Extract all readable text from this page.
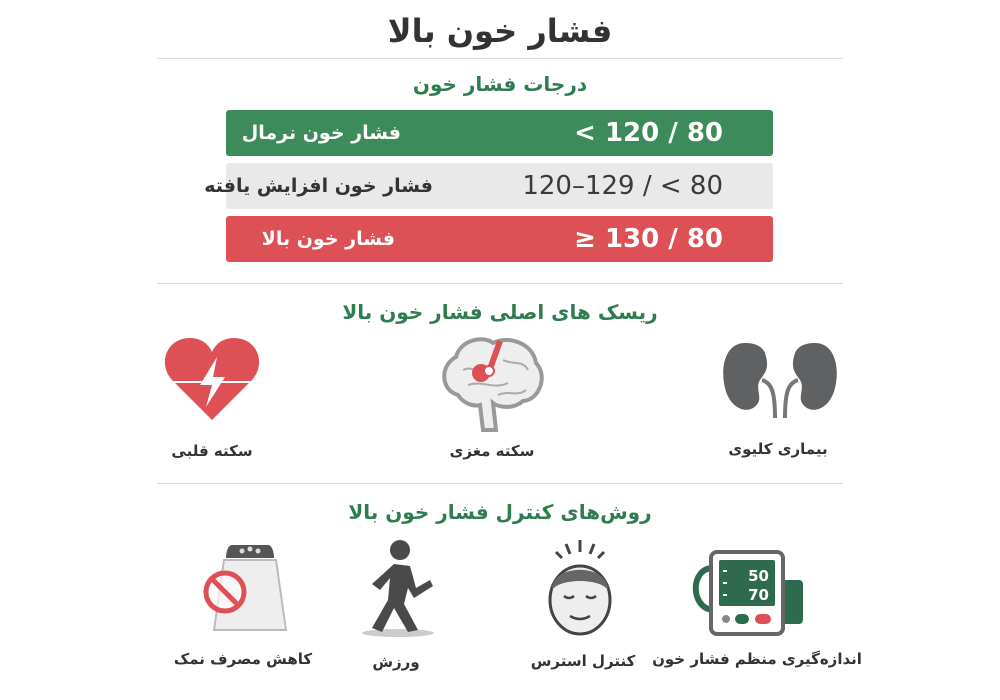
فشار خون بالا
درجات فشار خون
فشار خون نرمال	< 120 / 80
فشار خون افزایش یافته	120–129 / < 80
فشار خون بالا	≥ 130 / 80
ریسک های اصلی فشار خون بالا
سکته قلبی	سکته مغزی	بیماری کلیوی
روش‌های کنترل فشار خون بالا
50
70
کاهش مصرف نمک	ورزش	کنترل استرس	اندازه‌گیری منظم فشار خون
